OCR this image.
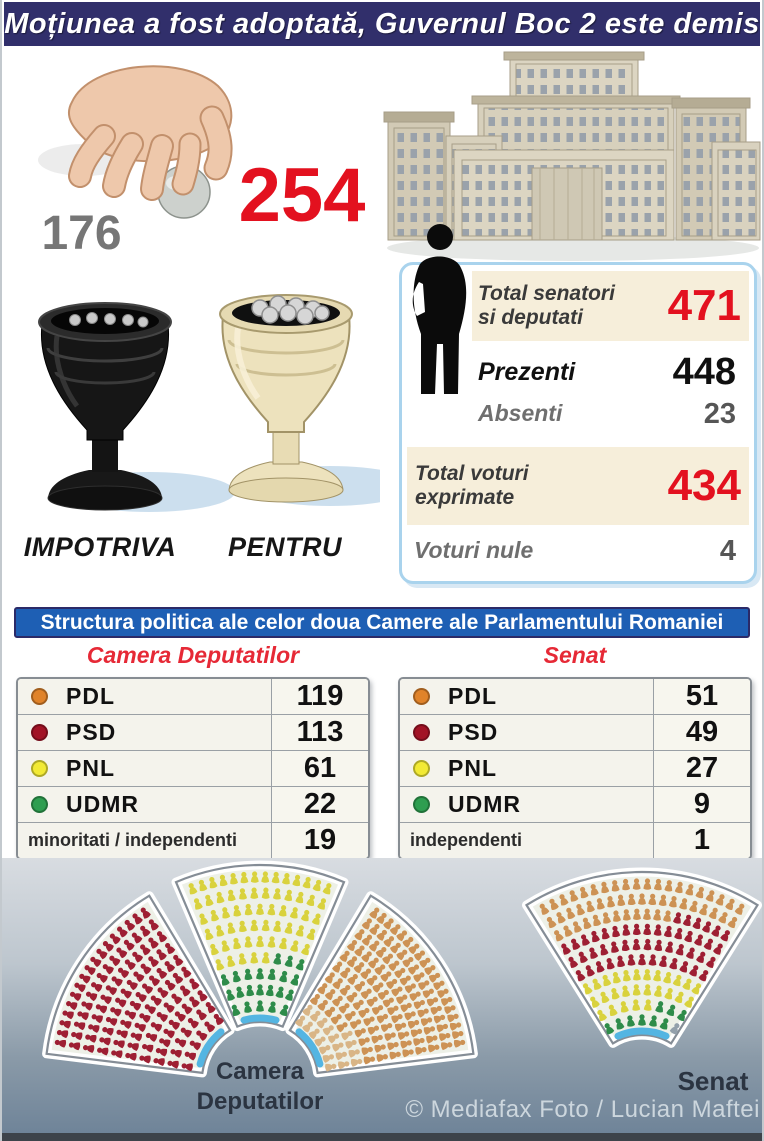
Moțiunea a fost adoptată, Guvernul Boc 2 este demis
176 254
Total senatori si deputati	471
Prezenti	448
Absenti	23
Total voturi exprimate	434
Voturi nule	4
IMPOTRIVA	PENTRU
Structura politica ale celor doua Camere ale Parlamentului Romaniei
Camera Deputatilor	Senat
PDL	119
PSD	113
PNL	61
UDMR	22
minoritati / independenti	19
PDL	51
PSD	49
PNL	27
UDMR	9
independenti	1
Camera Deputatilor
Senat
© Mediafax Foto / Lucian Maftei
